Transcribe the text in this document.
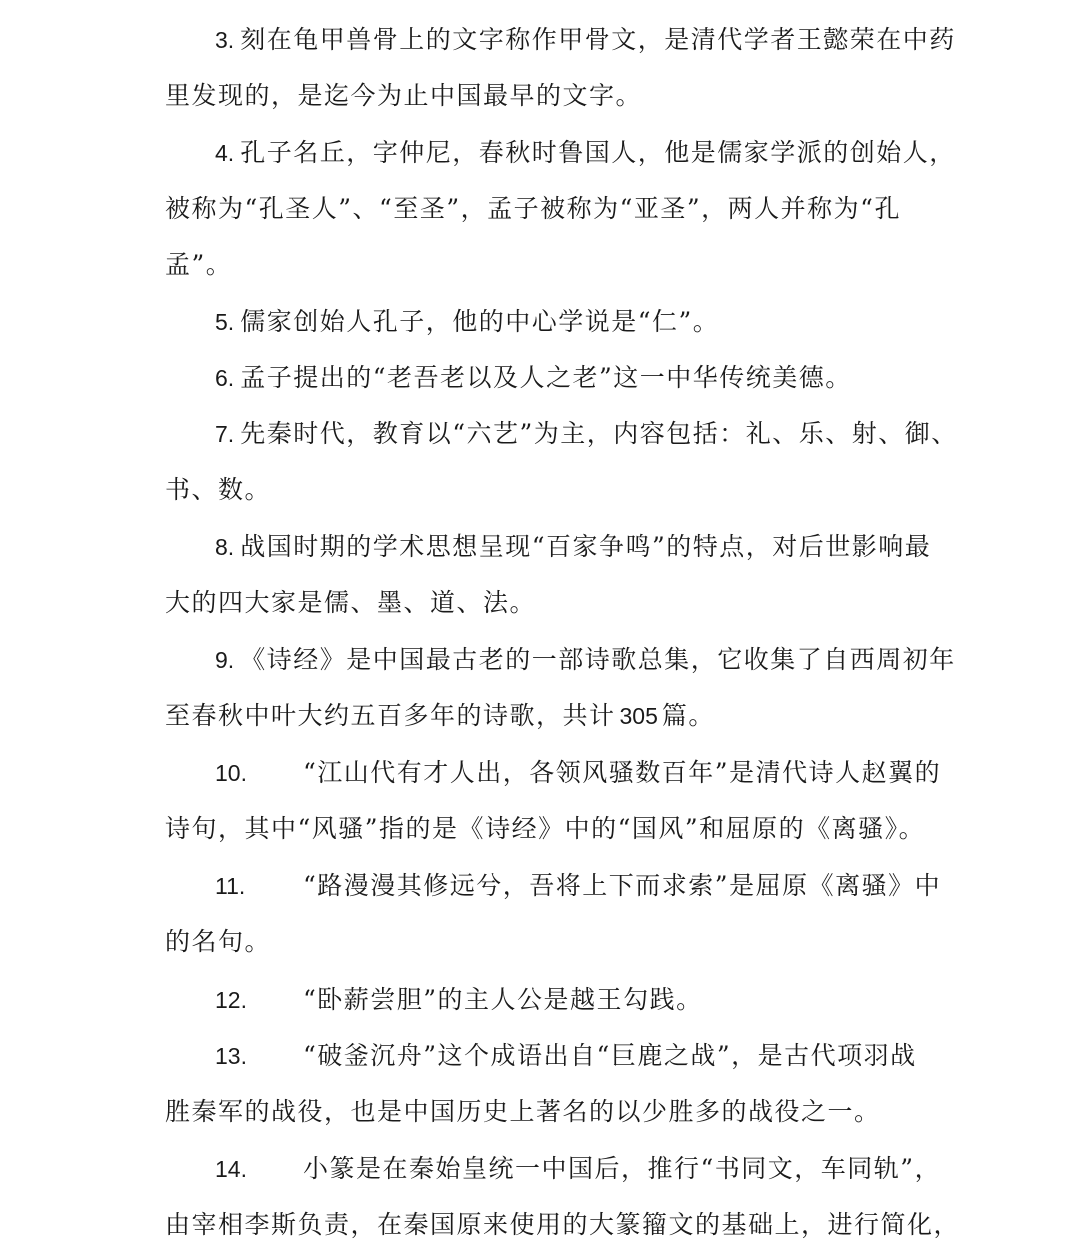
3. 刻在龟甲兽骨上的文字称作甲骨文，是清代学者王懿荣在中药
里发现的，是迄今为止中国最早的文字。
4. 孔子名丘，字仲尼，春秋时鲁国人，他是儒家学派的创始人，
被称为“孔圣人”、“至圣”，孟子被称为“亚圣”，两人并称为“孔
孟”。
5. 儒家创始人孔子，他的中心学说是“仁”。
6. 孟子提出的“老吾老以及人之老”这一中华传统美德。
7. 先秦时代，教育以“六艺”为主，内容包括：礼、乐、射、御、
书、数。
8. 战国时期的学术思想呈现“百家争鸣”的特点，对后世影响最
大的四大家是儒、墨、道、法。
9. 《诗经》是中国最古老的一部诗歌总集，它收集了自西周初年
至春秋中叶大约五百多年的诗歌，共计 305 篇。
10. “江山代有才人出，各领风骚数百年”是清代诗人赵翼的
诗句，其中“风骚”指的是《诗经》中的“国风”和屈原的《离骚》。
11. “路漫漫其修远兮，吾将上下而求索”是屈原《离骚》中
的名句。
12. “卧薪尝胆”的主人公是越王勾践。
13. “破釜沉舟”这个成语出自“巨鹿之战”，是古代项羽战
胜秦军的战役，也是中国历史上著名的以少胜多的战役之一。
14. 小篆是在秦始皇统一中国后，推行“书同文，车同轨”，
由宰相李斯负责，在秦国原来使用的大篆籀文的基础上，进行简化，
